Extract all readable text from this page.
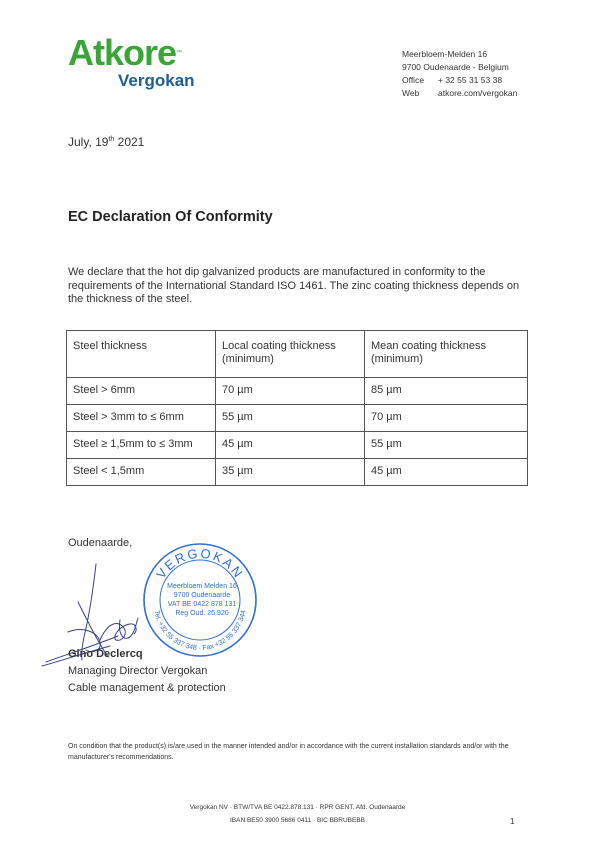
Atkore™
Vergokan
Meerbloem-Melden 16
9700 Oudenaarde - Belgium
Office + 32 55 31 53 38
Web atkore.com/vergokan
July, 19th 2021
EC Declaration Of Conformity
We declare that the hot dip galvanized products are manufactured in conformity to the requirements of the International Standard ISO 1461. The zinc coating thickness depends on the thickness of the steel.
Steel thickness	Local coating thickness (minimum)	Mean coating thickness (minimum)
Steel > 6mm	70 µm	85 µm
Steel > 3mm to ≤ 6mm	55 µm	70 µm
Steel ≥ 1,5mm to ≤ 3mm	45 µm	55 µm
Steel < 1,5mm	35 µm	45 µm
Oudenaarde,
VERGOKAN
Tel. +32 55 337 348 - Fax +32 55 337 344
Meerbloem Melden 16
9700 Oudenaarde
VAT BE 0422 878 131
Reg Oud. 26 920
Gino Declercq
Managing Director Vergokan
Cable management & protection
On condition that the product(s) is/are used in the manner intended and/or in accordance with the current installation standards and/or with the manufacturer's recommendations.
Vergokan NV · BTW/TVA BE 0422.878.131 · RPR GENT, Afd. Oudenaarde
IBAN BE50 3900 5686 0411 · BIC BBRUBEBB	1
